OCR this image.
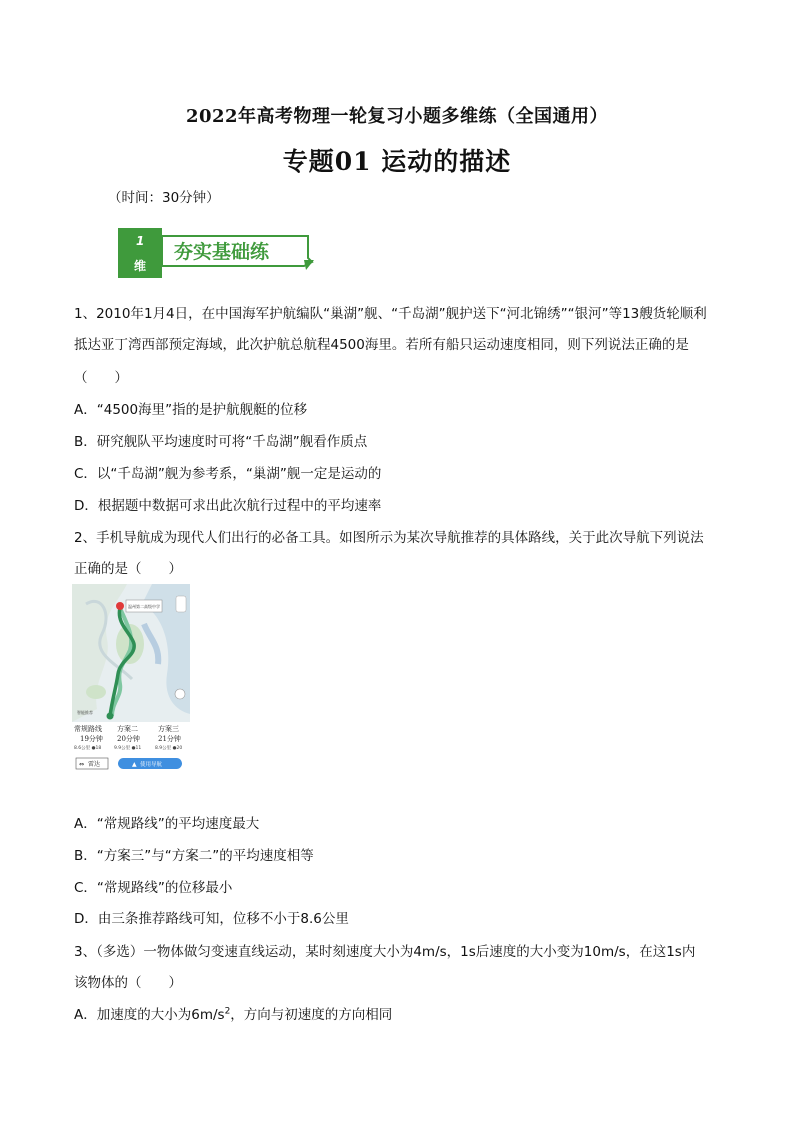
2022年高考物理一轮复习小题多维练（全国通用）
专题01 运动的描述
（时间：30分钟）
1
维
夯实基础练
1、2010年1月4日，在中国海军护航编队“巢湖”舰、“千岛湖”舰护送下“河北锦绣”“银河”等13艘货轮顺利
抵达亚丁湾西部预定海域，此次护航总航程4500海里。若所有船只运动速度相同，则下列说法正确的是
（　　）
A．“4500海里”指的是护航舰艇的位移
B．研究舰队平均速度时可将“千岛湖”舰看作质点
C．以“千岛湖”舰为参考系，“巢湖”舰一定是运动的
D．根据题中数据可求出此次航行过程中的平均速率
2、手机导航成为现代人们出行的必备工具。如图所示为某次导航推荐的具体路线，关于此次导航下列说法
正确的是（　　）
温州第二高级中学
智能推荐
常规路线
19分钟
8.6公里 ●18
方案二
20分钟
9.9公里 ●11
方案三
21分钟
8.9公里 ●20
雷达
⇔	▲ 使用导航
A．“常规路线”的平均速度最大
B．“方案三”与“方案二”的平均速度相等
C．“常规路线”的位移最小
D．由三条推荐路线可知，位移不小于8.6公里
3、（多选）一物体做匀变速直线运动，某时刻速度大小为4m/s，1s后速度的大小变为10m/s，在这1s内
该物体的（　　）
A．加速度的大小为$6m/s^2$，方向与初速度的方向相同
